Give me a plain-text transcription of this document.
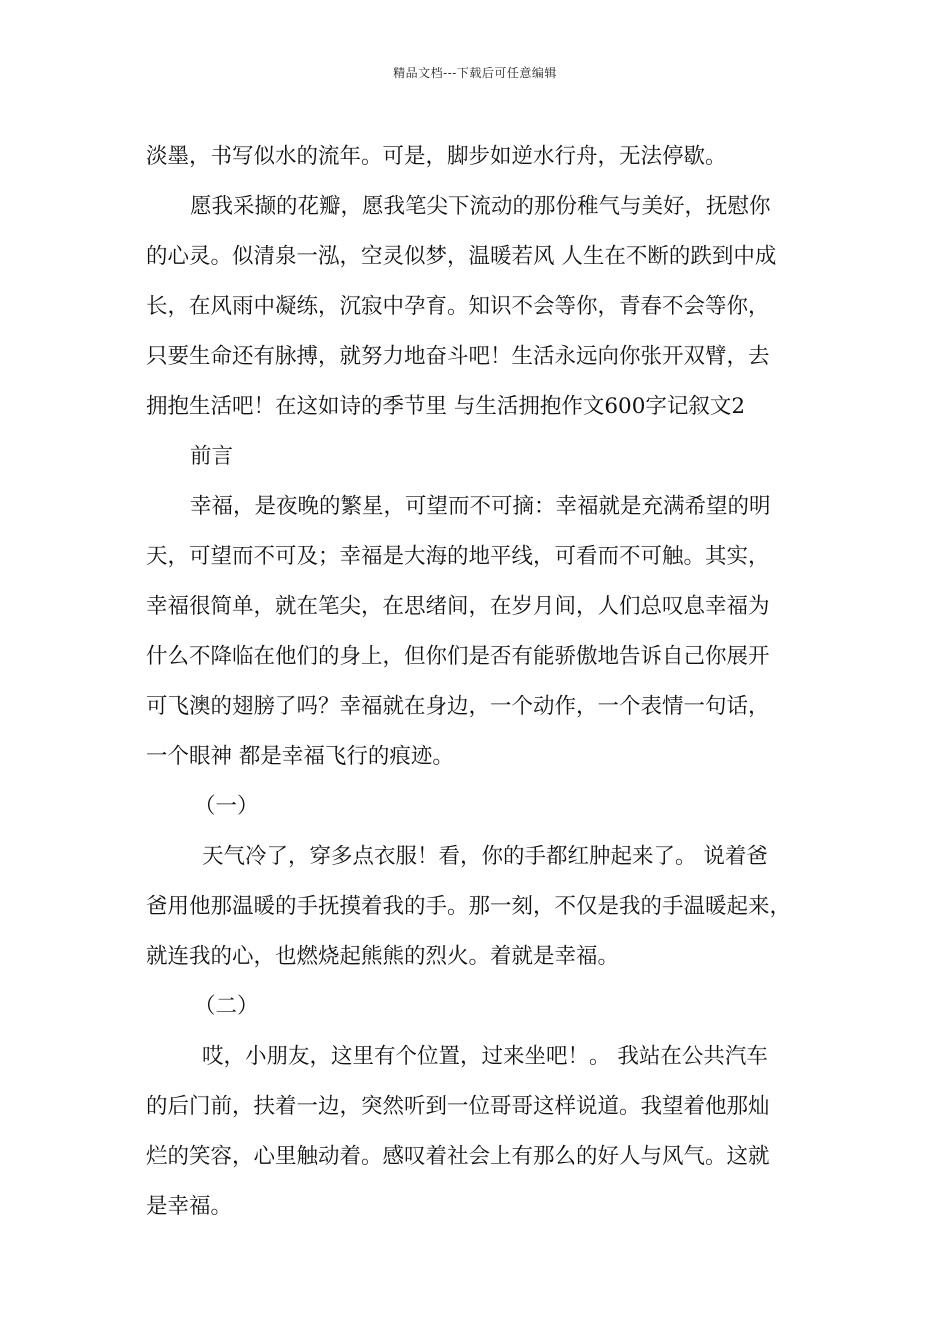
精品文档---下载后可任意编辑
淡墨，书写似水的流年。可是，脚步如逆水行舟，无法停歇。
愿我采撷的花瓣，愿我笔尖下流动的那份稚气与美好，抚慰你
的心灵。似清泉一泓，空灵似梦，温暖若风 人生在不断的跌到中成
长，在风雨中凝练，沉寂中孕育。知识不会等你，青春不会等你，
只要生命还有脉搏，就努力地奋斗吧！生活永远向你张开双臂，去
拥抱生活吧！在这如诗的季节里 与生活拥抱作文600字记叙文2
前言
幸福，是夜晚的繁星，可望而不可摘：幸福就是充满希望的明
天，可望而不可及；幸福是大海的地平线，可看而不可触。其实，
幸福很简单，就在笔尖，在思绪间，在岁月间，人们总叹息幸福为
什么不降临在他们的身上，但你们是否有能骄傲地告诉自己你展开
可飞澳的翅膀了吗？幸福就在身边，一个动作，一个表情一句话，
一个眼神 都是幸福飞行的痕迹。
（一）
天气冷了，穿多点衣服！看，你的手都红肿起来了。 说着爸
爸用他那温暖的手抚摸着我的手。那一刻，不仅是我的手温暖起来，
就连我的心，也燃烧起熊熊的烈火。着就是幸福。
（二）
哎，小朋友，这里有个位置，过来坐吧！。 我站在公共汽车
的后门前，扶着一边，突然听到一位哥哥这样说道。我望着他那灿
烂的笑容，心里触动着。感叹着社会上有那么的好人与风气。这就
是幸福。
